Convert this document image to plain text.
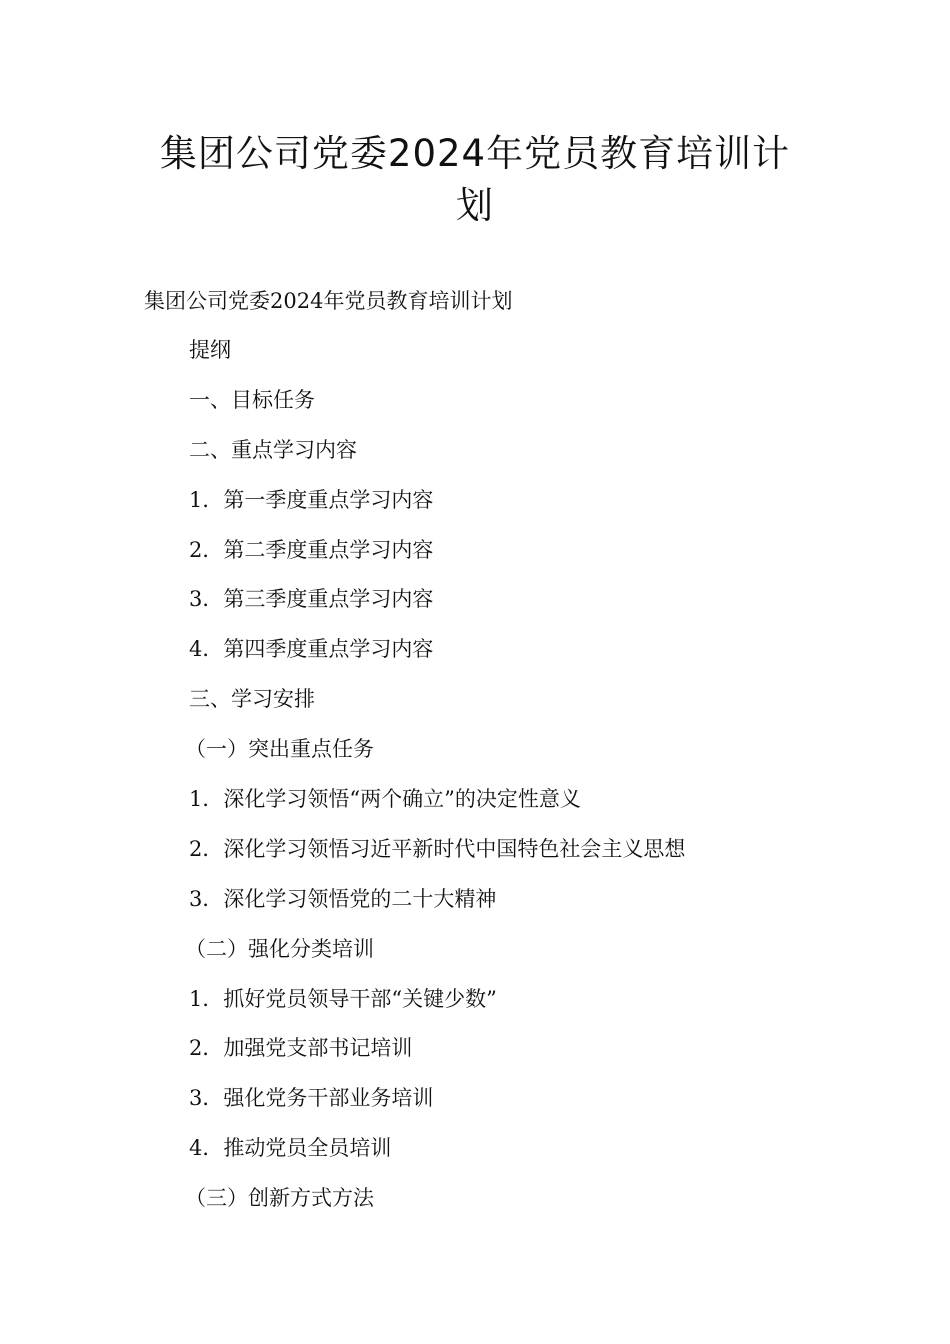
集团公司党委2024年党员教育培训计划
集团公司党委2024年党员教育培训计划
提纲
一、目标任务
二、重点学习内容
1．第一季度重点学习内容
2．第二季度重点学习内容
3．第三季度重点学习内容
4．第四季度重点学习内容
三、学习安排
（一）突出重点任务
1．深化学习领悟“两个确立”的决定性意义
2．深化学习领悟习近平新时代中国特色社会主义思想
3．深化学习领悟党的二十大精神
（二）强化分类培训
1．抓好党员领导干部“关键少数”
2．加强党支部书记培训
3．强化党务干部业务培训
4．推动党员全员培训
（三）创新方式方法
